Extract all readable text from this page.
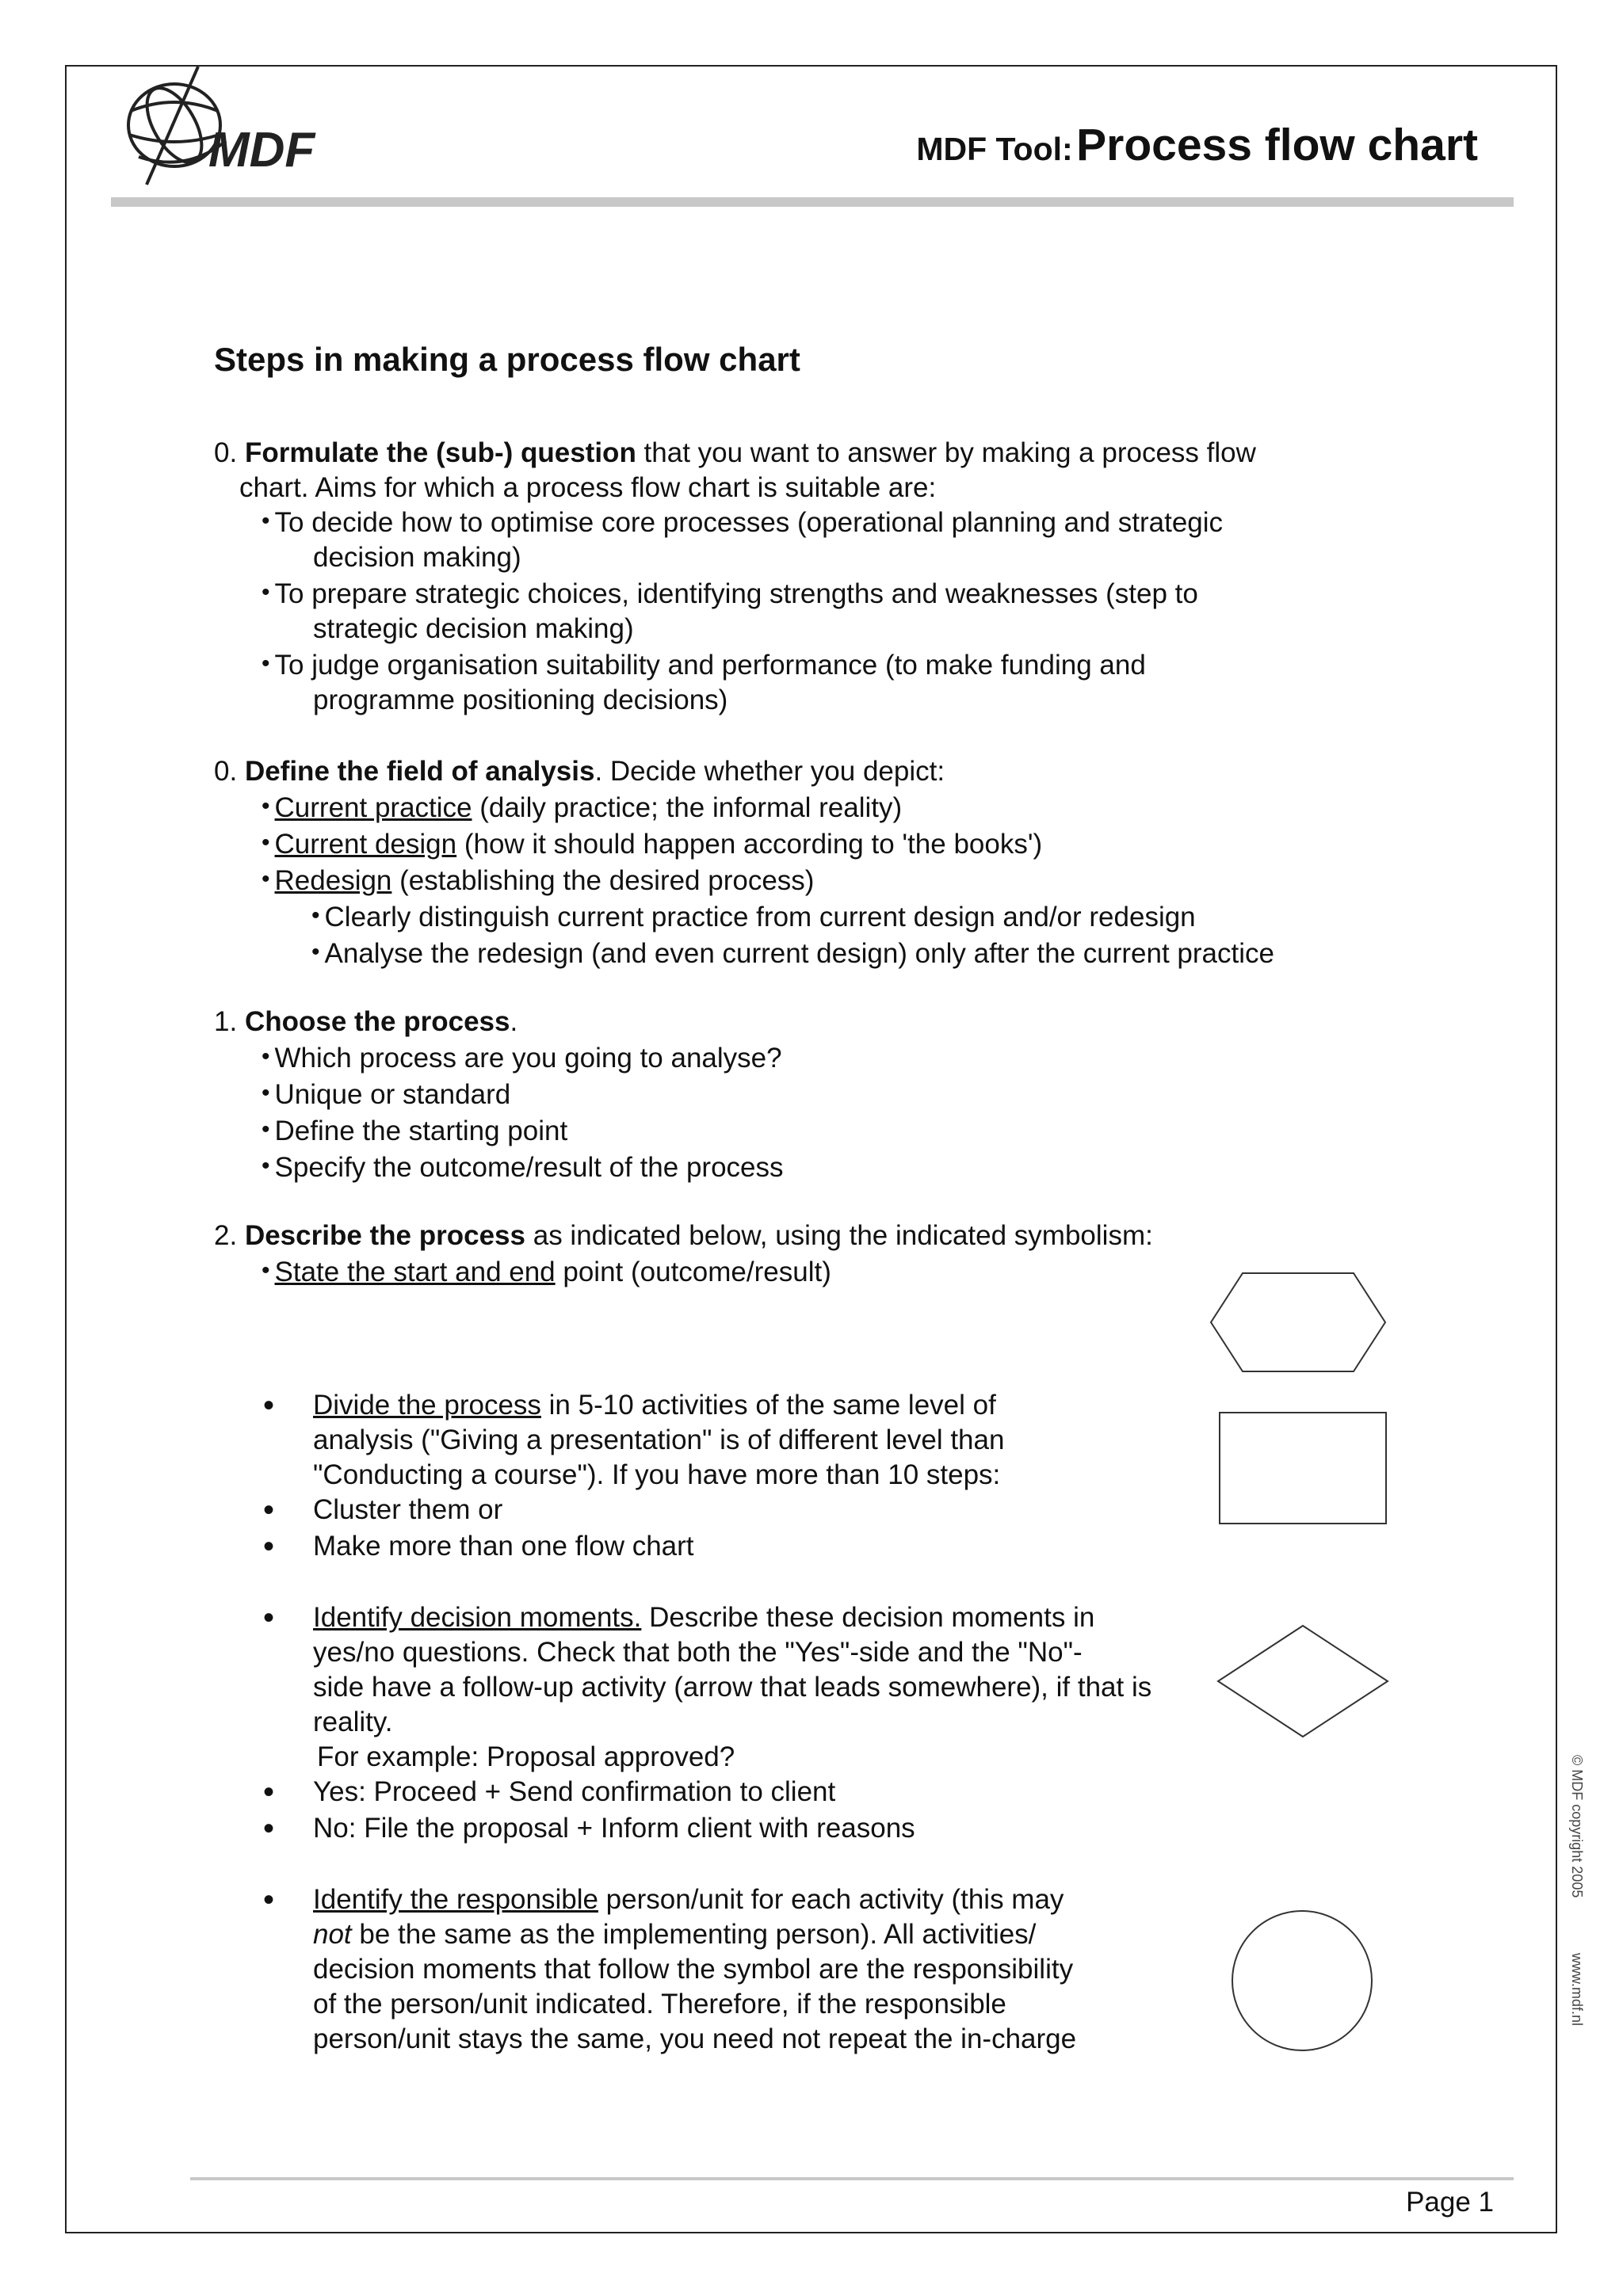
MDF	MDF Tool: Process flow chart
Steps in making a process flow chart
0. Formulate the (sub-) question that you want to answer by making a process flow
chart. Aims for which a process flow chart is suitable are:
• To decide how to optimise core processes (operational planning and strategic
decision making)
• To prepare strategic choices, identifying strengths and weaknesses (step to
strategic decision making)
• To judge organisation suitability and performance (to make funding and
programme positioning decisions)
0. Define the field of analysis. Decide whether you depict:
• Current practice (daily practice; the informal reality)
• Current design (how it should happen according to 'the books')
• Redesign (establishing the desired process)
• Clearly distinguish current practice from current design and/or redesign
• Analyse the redesign (and even current design) only after the current practice
1. Choose the process.
• Which process are you going to analyse?
• Unique or standard
• Define the starting point
• Specify the outcome/result of the process
2. Describe the process as indicated below, using the indicated symbolism:
• State the start and end point (outcome/result)
• Divide the process in 5-10 activities of the same level of
analysis ("Giving a presentation" is of different level than
"Conducting a course"). If you have more than 10 steps:
• Cluster them or
• Make more than one flow chart
• Identify decision moments. Describe these decision moments in
yes/no questions. Check that both the "Yes"-side and the "No"-
side have a follow-up activity (arrow that leads somewhere), if that is
reality.
For example: Proposal approved?
• Yes: Proceed + Send confirmation to client
• No: File the proposal + Inform client with reasons
• Identify the responsible person/unit for each activity (this may
not be the same as the implementing person). All activities/
decision moments that follow the symbol are the responsibility
of the person/unit indicated. Therefore, if the responsible
person/unit stays the same, you need not repeat the in-charge
© MDF copyright 2005
www.mdf.nl
Page 1
